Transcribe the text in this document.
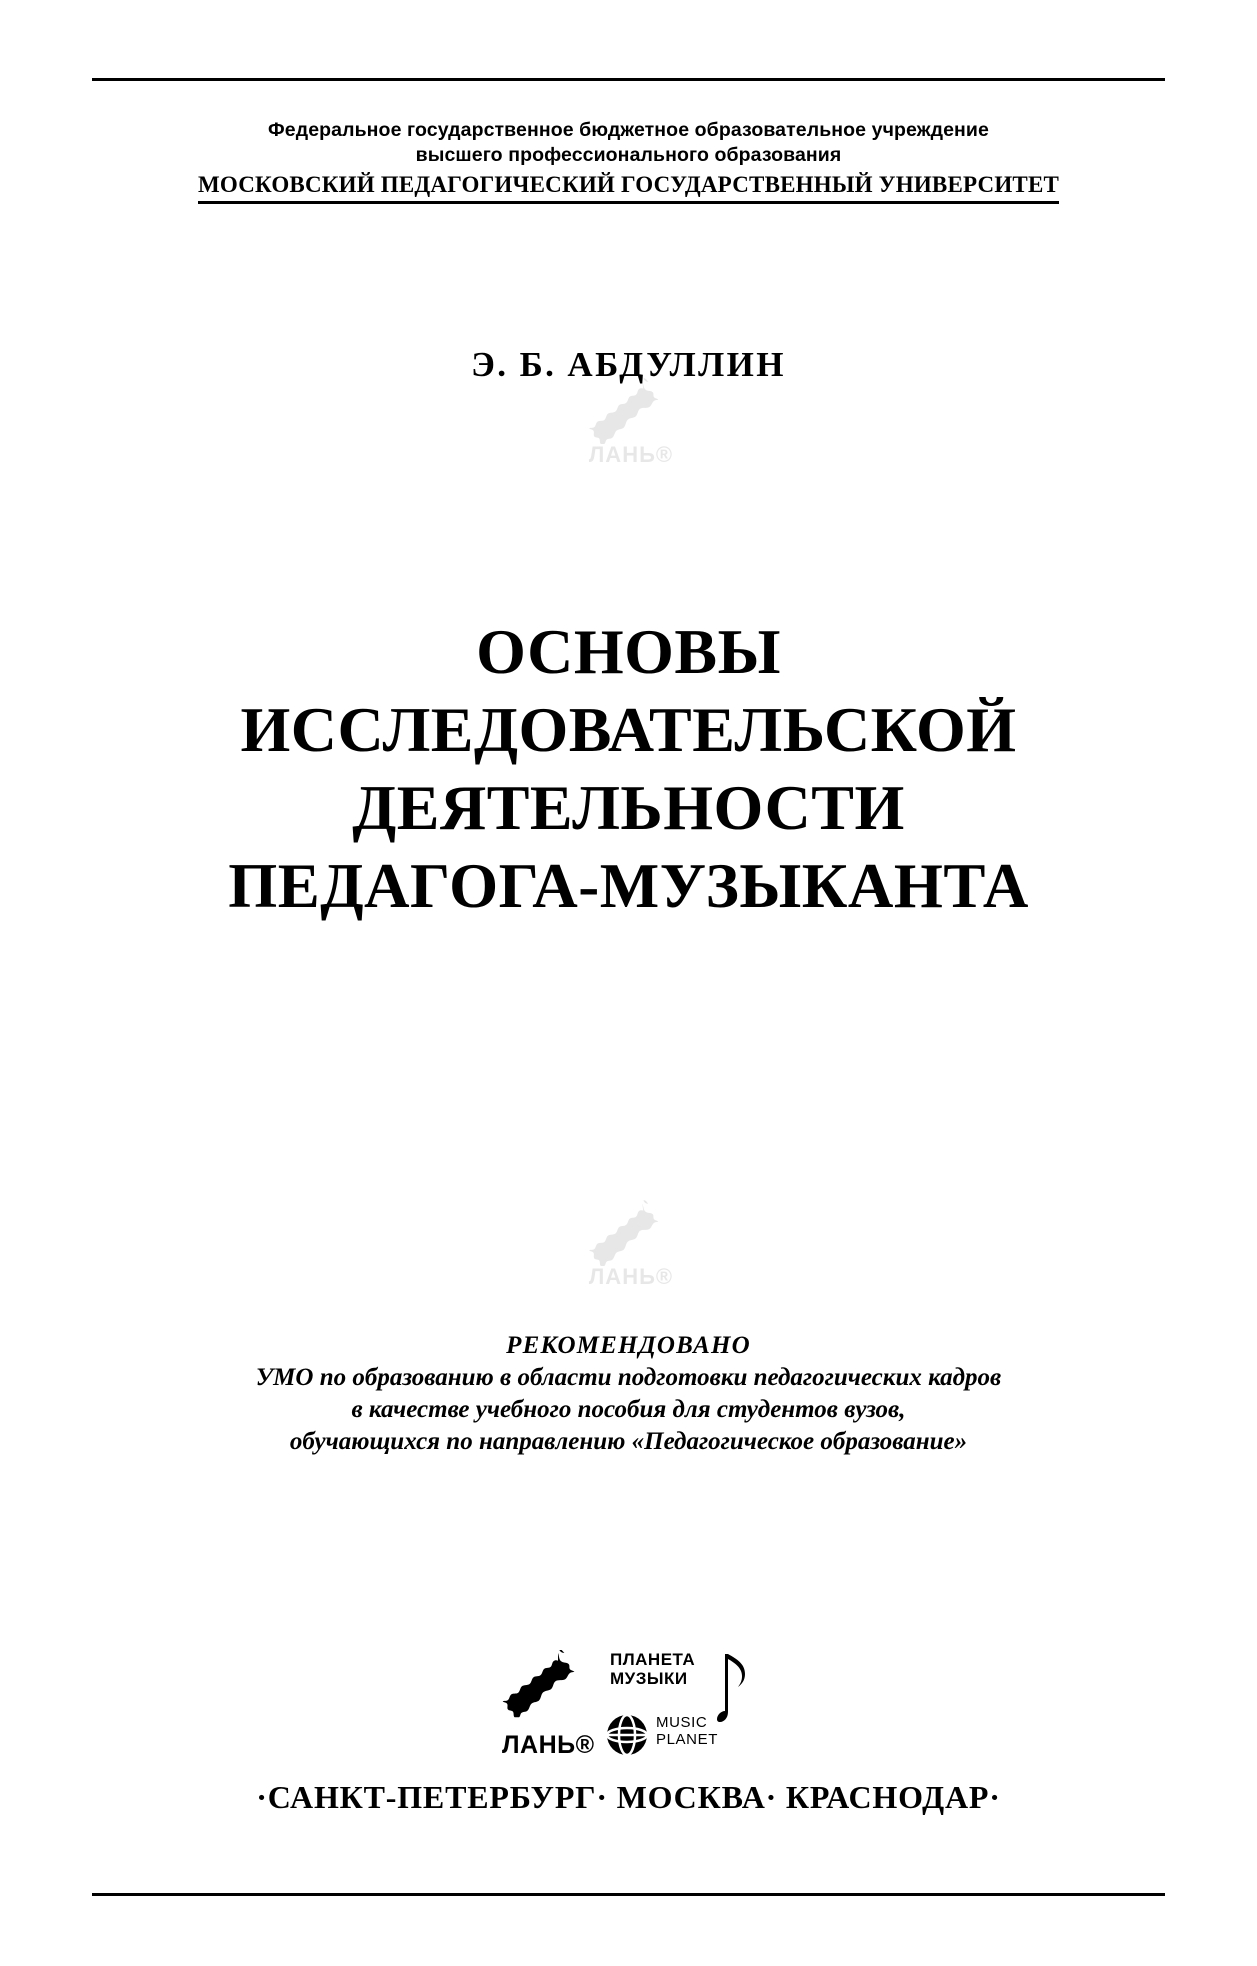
Федеральное государственное бюджетное образовательное учреждение
высшего профессионального образования
МОСКОВСКИЙ ПЕДАГОГИЧЕСКИЙ ГОСУДАРСТВЕННЫЙ УНИВЕРСИТЕТ
Э. Б. АБДУЛЛИН
ЛАНЬ®
ОСНОВЫ
ИССЛЕДОВАТЕЛЬСКОЙ
ДЕЯТЕЛЬНОСТИ
ПЕДАГОГА-МУЗЫКАНТА
ЛАНЬ®
РЕКОМЕНДОВАНО
УМО по образованию в области подготовки педагогических кадров
в качестве учебного пособия для студентов вузов,
обучающихся по направлению «Педагогическое образование»
ЛАНЬ®
ПЛАНЕТА
МУЗЫКИ
MUSIC
PLANET
·САНКТ-ПЕТЕРБУРГ· МОСКВА· КРАСНОДАР·
